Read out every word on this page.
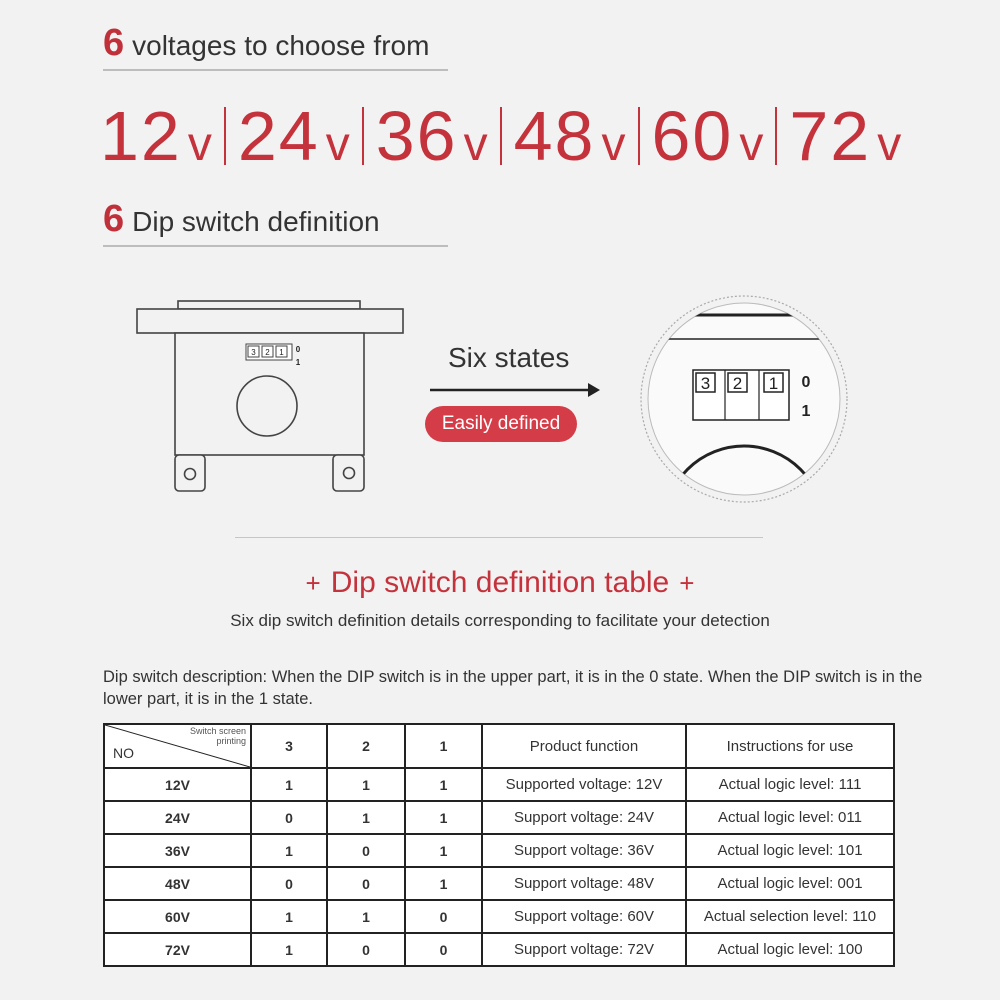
6 voltages to choose from
12 v 24 v 36 v 48 v 60 v 72 v
6 Dip switch definition
3 2 1 0
1	Six states
Easily defined
3 2 1 0
1
+ Dip switch definition table +
Six dip switch definition details corresponding to facilitate your detection
Dip switch description: When the DIP switch is in the upper part, it is in the 0 state. When the DIP switch is in the lower part, it is in the 1 state.
Switch screen
printing
NO	3	2	1	Product function	Instructions for use
12V	1	1	1	Supported voltage: 12V	Actual logic level: 111
24V	0	1	1	Support voltage: 24V	Actual logic level: 011
36V	1	0	1	Support voltage: 36V	Actual logic level: 101
48V	0	0	1	Support voltage: 48V	Actual logic level: 001
60V	1	1	0	Support voltage: 60V	Actual selection level: 110
72V	1	0	0	Support voltage: 72V	Actual logic level: 100
